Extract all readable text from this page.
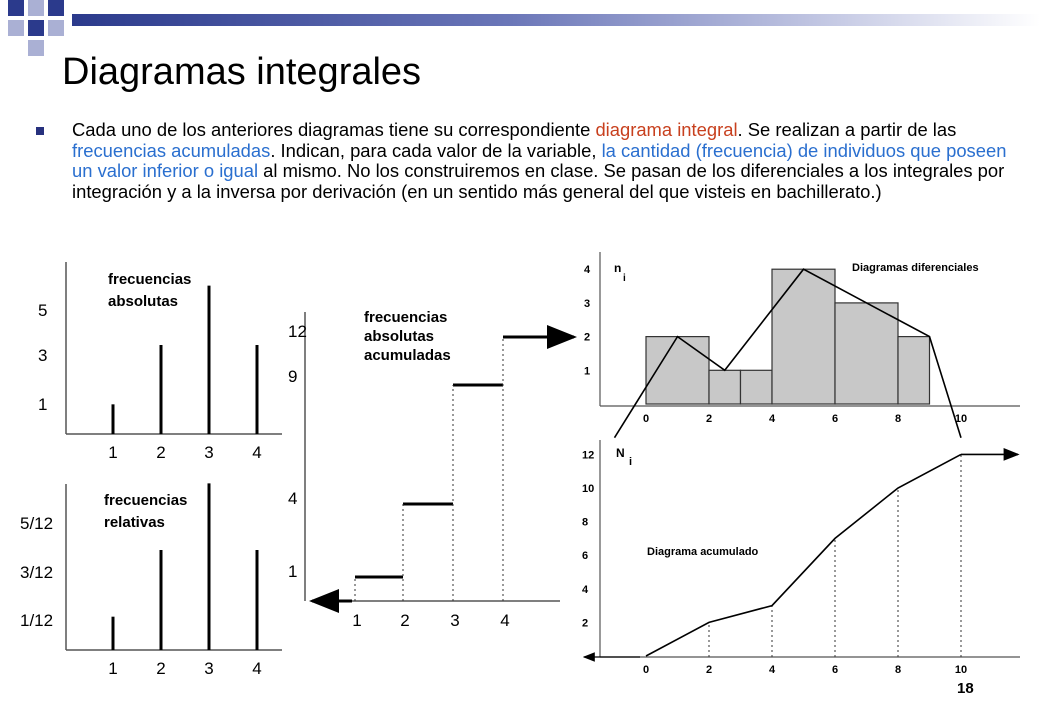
Diagramas integrales
Cada uno de los anteriores diagramas tiene su correspondiente diagrama integral. Se realizan a partir de las frecuencias acumuladas. Indican, para cada valor de la variable, la cantidad (frecuencia) de individuos que poseen un valor inferior o igual al mismo. No los construiremos en clase. Se pasan de los diferenciales a los integrales por integración y a la inversa por derivación (en un sentido más general del que visteis en bachillerato.)
1 2 3 4
1
3
5
frecuencias
absolutas
1 2 3 4
1/12
3/12
5/12
frecuencias
relativas
1 2 3 4
1
4
9
12
frecuencias
absolutas
acumuladas
0	2	4	6	8	10
1
2
3
4 n
i
Diagramas diferenciales
0	2	4	6	8	10
2
4
6
8
10
12 N
i
Diagrama acumulado
18
